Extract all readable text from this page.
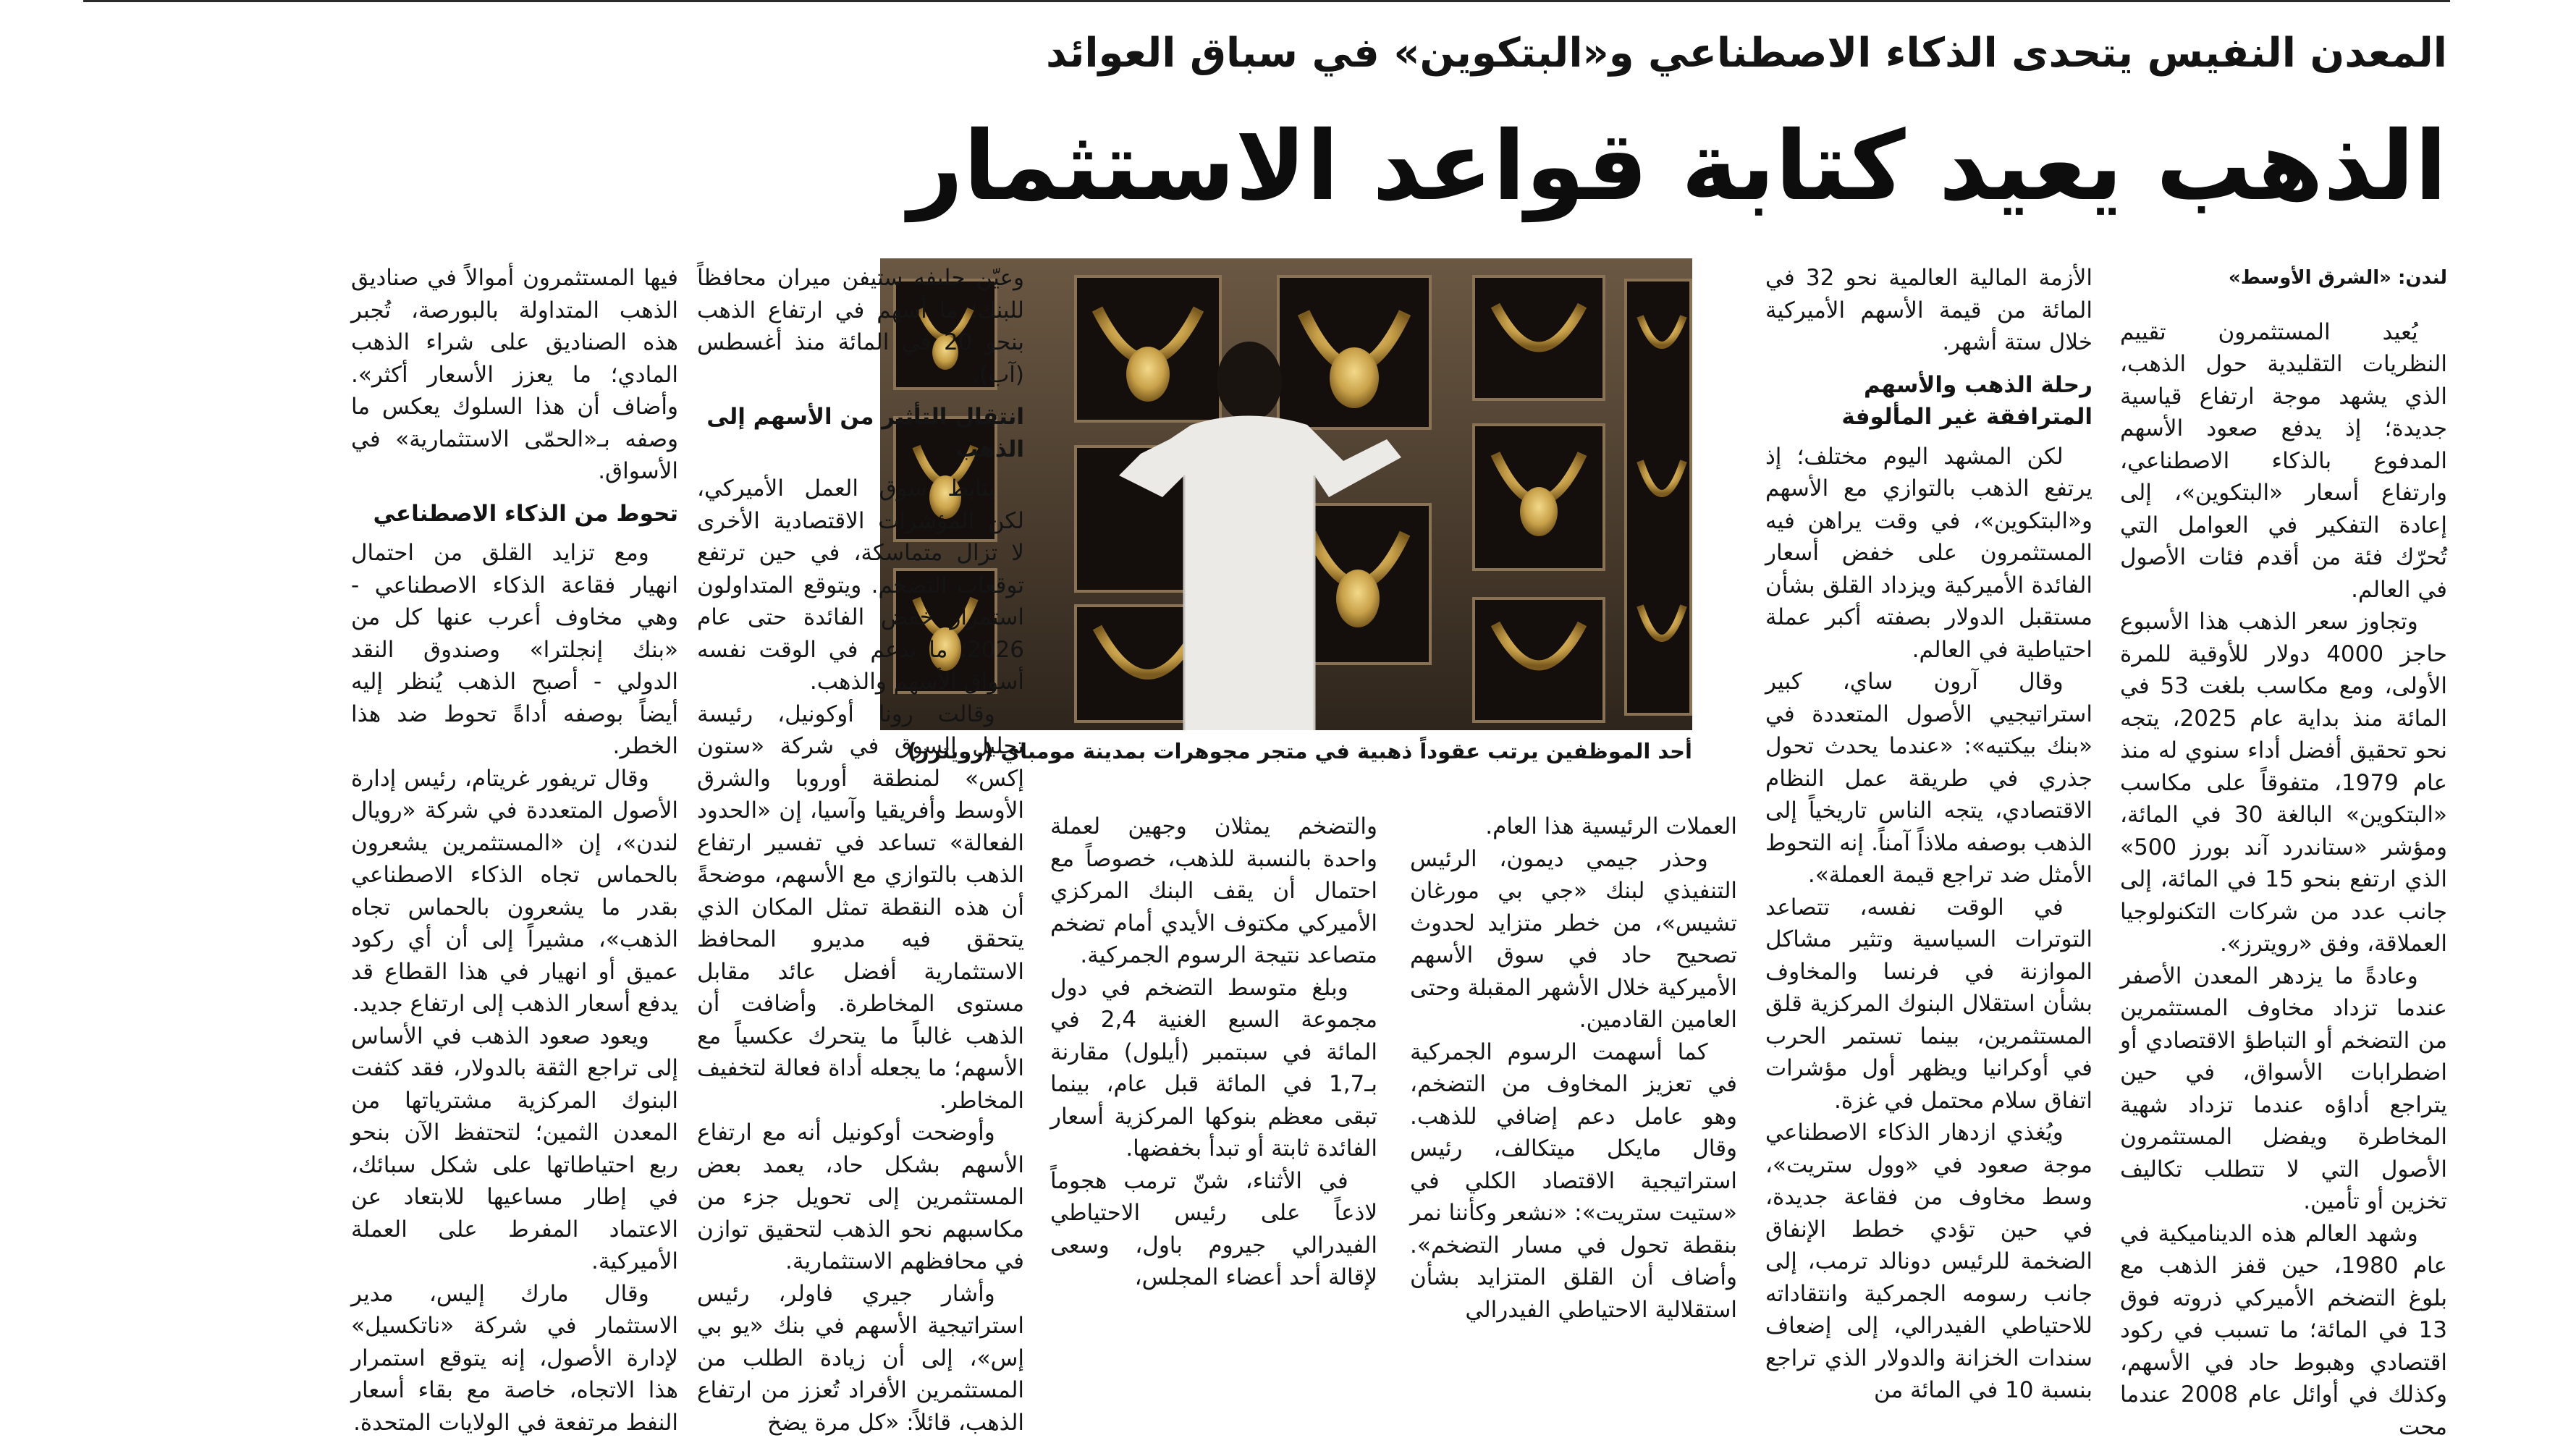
المعدن النفيس يتحدى الذكاء الاصطناعي و«البتكوين» في سباق العوائد
الذهب يعيد كتابة قواعد الاستثمار

لندن: «الشرق الأوسط»

يُعيد المستثمرون تقييم النظريات التقليدية حول الذهب، الذي يشهد موجة ارتفاع قياسية جديدة؛ إذ يدفع صعود الأسهم المدفوع بالذكاء الاصطناعي، وارتفاع أسعار «البتكوين»، إلى إعادة التفكير في العوامل التي تُحرّك فئة من أقدم فئات الأصول في العالم.

وتجاوز سعر الذهب هذا الأسبوع حاجز 4000 دولار للأوقية للمرة الأولى، ومع مكاسب بلغت 53 في المائة منذ بداية عام 2025، يتجه نحو تحقيق أفضل أداء سنوي له منذ عام 1979، متفوقاً على مكاسب «البتكوين» البالغة 30 في المائة، ومؤشر «ستاندرد آند بورز 500» الذي ارتفع بنحو 15 في المائة، إلى جانب عدد من شركات التكنولوجيا العملاقة، وفق «رويترز».

وعادةً ما يزدهر المعدن الأصفر عندما تزداد مخاوف المستثمرين من التضخم أو التباطؤ الاقتصادي أو اضطرابات الأسواق، في حين يتراجع أداؤه عندما تزداد شهية المخاطرة ويفضل المستثمرون الأصول التي لا تتطلب تكاليف تخزين أو تأمين.

وشهد العالم هذه الديناميكية في عام 1980، حين قفز الذهب مع بلوغ التضخم الأميركي ذروته فوق 13 في المائة؛ ما تسبب في ركود اقتصادي وهبوط حاد في الأسهم، وكذلك في أوائل عام 2008 عندما محت

الأزمة المالية العالمية نحو 32 في المائة من قيمة الأسهم الأميركية خلال ستة أشهر.

رحلة الذهب والأسهم المترافقة غير المألوفة

لكن المشهد اليوم مختلف؛ إذ يرتفع الذهب بالتوازي مع الأسهم و«البتكوين»، في وقت يراهن فيه المستثمرون على خفض أسعار الفائدة الأميركية ويزداد القلق بشأن مستقبل الدولار بصفته أكبر عملة احتياطية في العالم.

وقال آرون ساي، كبير استراتيجيي الأصول المتعددة في «بنك بيكتيه»: «عندما يحدث تحول جذري في طريقة عمل النظام الاقتصادي، يتجه الناس تاريخياً إلى الذهب بوصفه ملاذاً آمناً. إنه التحوط الأمثل ضد تراجع قيمة العملة».

في الوقت نفسه، تتصاعد التوترات السياسية وتثير مشاكل الموازنة في فرنسا والمخاوف بشأن استقلال البنوك المركزية قلق المستثمرين، بينما تستمر الحرب في أوكرانيا ويظهر أول مؤشرات اتفاق سلام محتمل في غزة.

ويُغذي ازدهار الذكاء الاصطناعي موجة صعود في «وول ستريت»، وسط مخاوف من فقاعة جديدة، في حين تؤدي خطط الإنفاق الضخمة للرئيس دونالد ترمب، إلى جانب رسومه الجمركية وانتقاداته للاحتياطي الفيدرالي، إلى إضعاف سندات الخزانة والدولار الذي تراجع بنسبة 10 في المائة من

أحد الموظفين يرتب عقوداً ذهبية في متجر مجوهرات بمدينة مومباي (رويترز)

العملات الرئيسية هذا العام.

وحذر جيمي ديمون، الرئيس التنفيذي لبنك «جي بي مورغان تشيس»، من خطر متزايد لحدوث تصحيح حاد في سوق الأسهم الأميركية خلال الأشهر المقبلة وحتى العامين القادمين.

كما أسهمت الرسوم الجمركية في تعزيز المخاوف من التضخم، وهو عامل دعم إضافي للذهب. وقال مايكل ميتكالف، رئيس استراتيجية الاقتصاد الكلي في «ستيت ستريت»: «نشعر وكأننا نمر بنقطة تحول في مسار التضخم». وأضاف أن القلق المتزايد بشأن استقلالية الاحتياطي الفيدرالي

والتضخم يمثلان وجهين لعملة واحدة بالنسبة للذهب، خصوصاً مع احتمال أن يقف البنك المركزي الأميركي مكتوف الأيدي أمام تضخم متصاعد نتيجة الرسوم الجمركية.

وبلغ متوسط التضخم في دول مجموعة السبع الغنية 2,4 في المائة في سبتمبر (أيلول) مقارنة بـ1,7 في المائة قبل عام، بينما تبقى معظم بنوكها المركزية أسعار الفائدة ثابتة أو تبدأ بخفضها.

في الأثناء، شنّ ترمب هجوماً لاذعاً على رئيس الاحتياطي الفيدرالي جيروم باول، وسعى لإقالة أحد أعضاء المجلس،

وعيّن حليفه ستيفن ميران محافظاً للبنك؛ ما أسهم في ارتفاع الذهب بنحو 20 في المائة منذ أغسطس (آب).

انتقال التأثير من الأسهم إلى الذهب

يتابط سوق العمل الأميركي، لكن المؤشرات الاقتصادية الأخرى لا تزال متماسكة، في حين ترتفع توقعات التضخم. ويتوقع المتداولون استمرار خفض الفائدة حتى عام 2026؛ ما يدعم في الوقت نفسه أسواق الأسهم والذهب.

وقالت رونا أوكونيل، رئيسة تحليل السوق في شركة «ستون إكس» لمنطقة أوروبا والشرق الأوسط وأفريقيا وآسيا، إن «الحدود الفعالة» تساعد في تفسير ارتفاع الذهب بالتوازي مع الأسهم، موضحةً أن هذه النقطة تمثل المكان الذي يتحقق فيه مديرو المحافظ الاستثمارية أفضل عائد مقابل مستوى المخاطرة. وأضافت أن الذهب غالباً ما يتحرك عكسياً مع الأسهم؛ ما يجعله أداة فعالة لتخفيف المخاطر.

وأوضحت أوكونيل أنه مع ارتفاع الأسهم بشكل حاد، يعمد بعض المستثمرين إلى تحويل جزء من مكاسبهم نحو الذهب لتحقيق توازن في محافظهم الاستثمارية.

وأشار جيري فاولر، رئيس استراتيجية الأسهم في بنك «يو بي إس»، إلى أن زيادة الطلب من المستثمرين الأفراد تُعزز من ارتفاع الذهب، قائلاً: «كل مرة يضخ

فيها المستثمرون أموالاً في صناديق الذهب المتداولة بالبورصة، تُجبر هذه الصناديق على شراء الذهب المادي؛ ما يعزز الأسعار أكثر». وأضاف أن هذا السلوك يعكس ما وصفه بـ«الحمّى الاستثمارية» في الأسواق.

تحوط من الذكاء الاصطناعي

ومع تزايد القلق من احتمال انهيار فقاعة الذكاء الاصطناعي - وهي مخاوف أعرب عنها كل من «بنك إنجلترا» وصندوق النقد الدولي - أصبح الذهب يُنظر إليه أيضاً بوصفه أداةً تحوط ضد هذا الخطر.

وقال تريفور غريتام، رئيس إدارة الأصول المتعددة في شركة «رويال لندن»، إن «المستثمرين يشعرون بالحماس تجاه الذكاء الاصطناعي بقدر ما يشعرون بالحماس تجاه الذهب»، مشيراً إلى أن أي ركود عميق أو انهيار في هذا القطاع قد يدفع أسعار الذهب إلى ارتفاع جديد.

ويعود صعود الذهب في الأساس إلى تراجع الثقة بالدولار، فقد كثفت البنوك المركزية مشترياتها من المعدن الثمين؛ لتحتفظ الآن بنحو ربع احتياطاتها على شكل سبائك، في إطار مساعيها للابتعاد عن الاعتماد المفرط على العملة الأميركية.

وقال مارك إليس، مدير الاستثمار في شركة «ناتكسيل» لإدارة الأصول، إنه يتوقع استمرار هذا الاتجاه، خاصة مع بقاء أسعار النفط مرتفعة في الولايات المتحدة.
